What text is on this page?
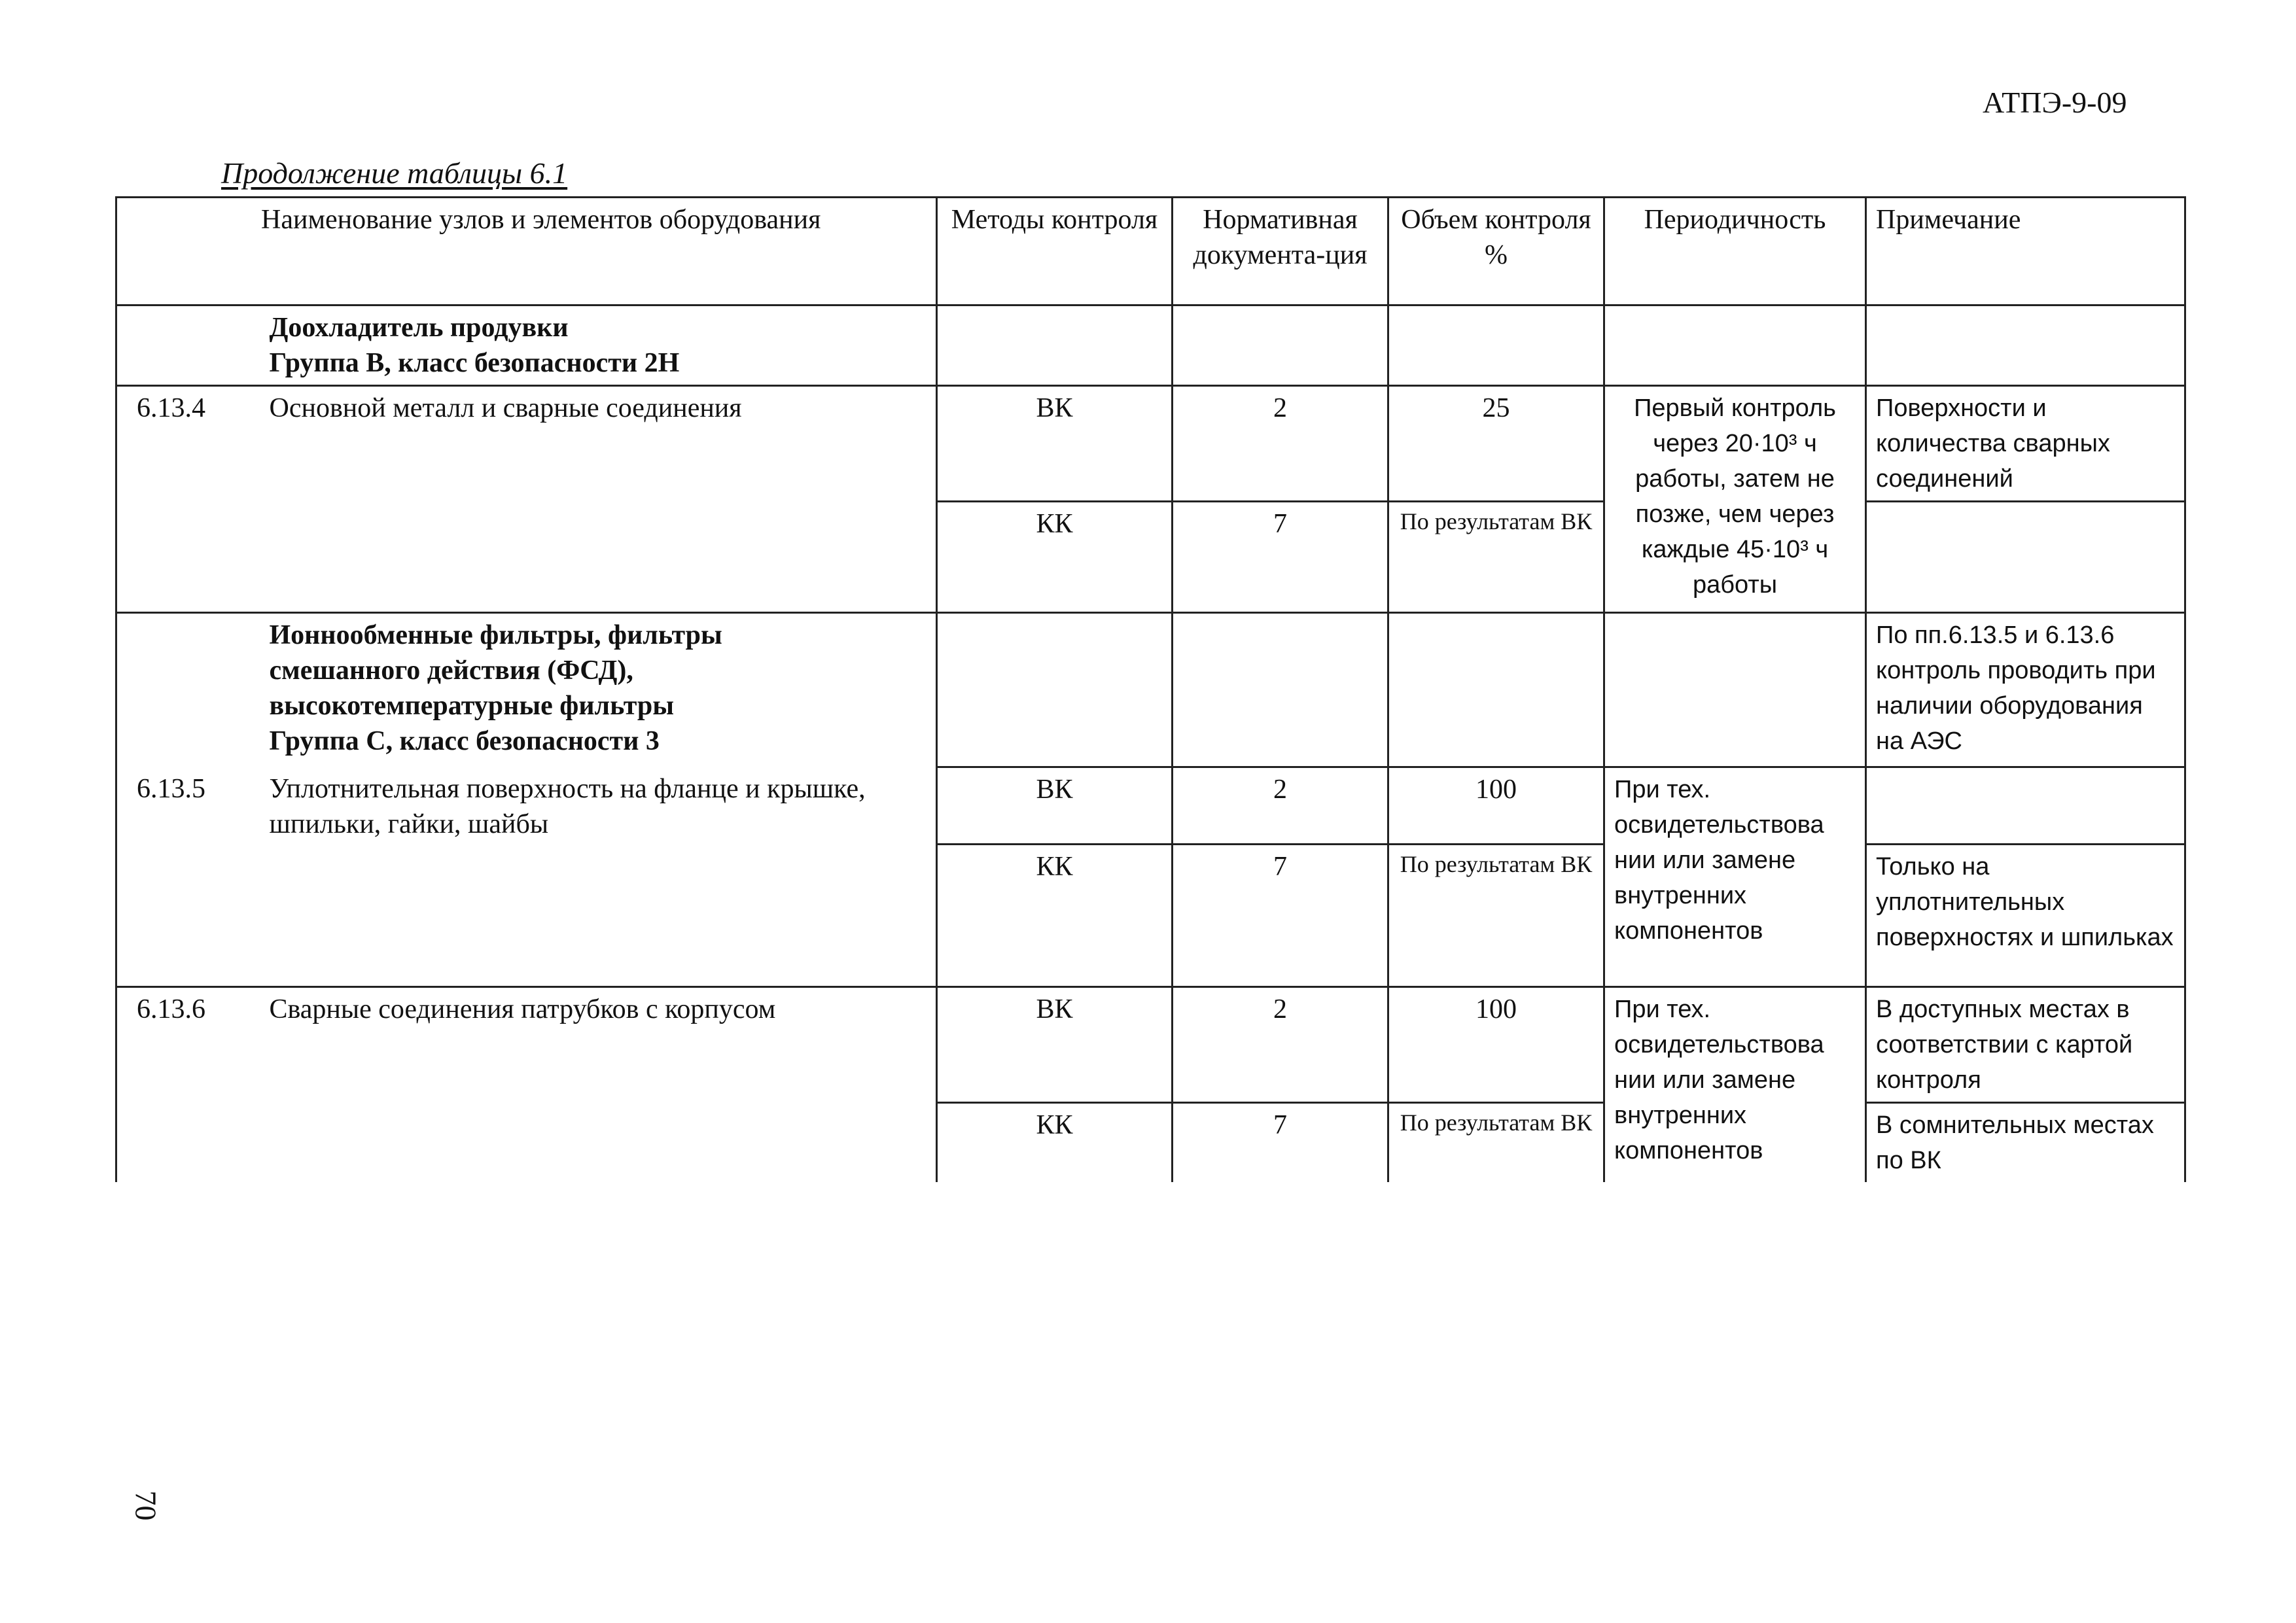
АТПЭ-9-09
Продолжение таблицы 6.1
70
Наименование узлов и элементов оборудования		Методы контроля	Нормативная документа-ция	Объем контроля %	Периодичность	Примечание

	Доохладитель продувки
Группа В, класс безопасности 2Н					

6.13.4	Основной металл и сварные соединения	ВК	2	25	Первый контроль через 20·10³ ч работы, затем не позже, чем через каждые 45·10³ ч работы	Поверхности и количества сварных соединений
		КК	7	По результатам ВК		

	Ионнообменные фильтры, фильтры
смешанного действия (ФСД),
высокотемпературные фильтры
Группа С, класс безопасности 3					По пп.6.13.5 и 6.13.6 контроль проводить при наличии оборудования на АЭС
6.13.5	Уплотнительная поверхность на фланце и крышке, шпильки, гайки, шайбы	ВК	2	100	При тех. освидетельствова нии или замене внутренних компонентов	
		КК	7	По результатам ВК		Только на уплотнительных поверхностях и шпильках
6.13.6	Сварные соединения патрубков с корпусом	ВК	2	100	При тех. освидетельствова нии или замене внутренних компонентов	В доступных местах в соответствии с картой контроля
		КК	7	По результатам ВК		В сомнительных местах по ВК
